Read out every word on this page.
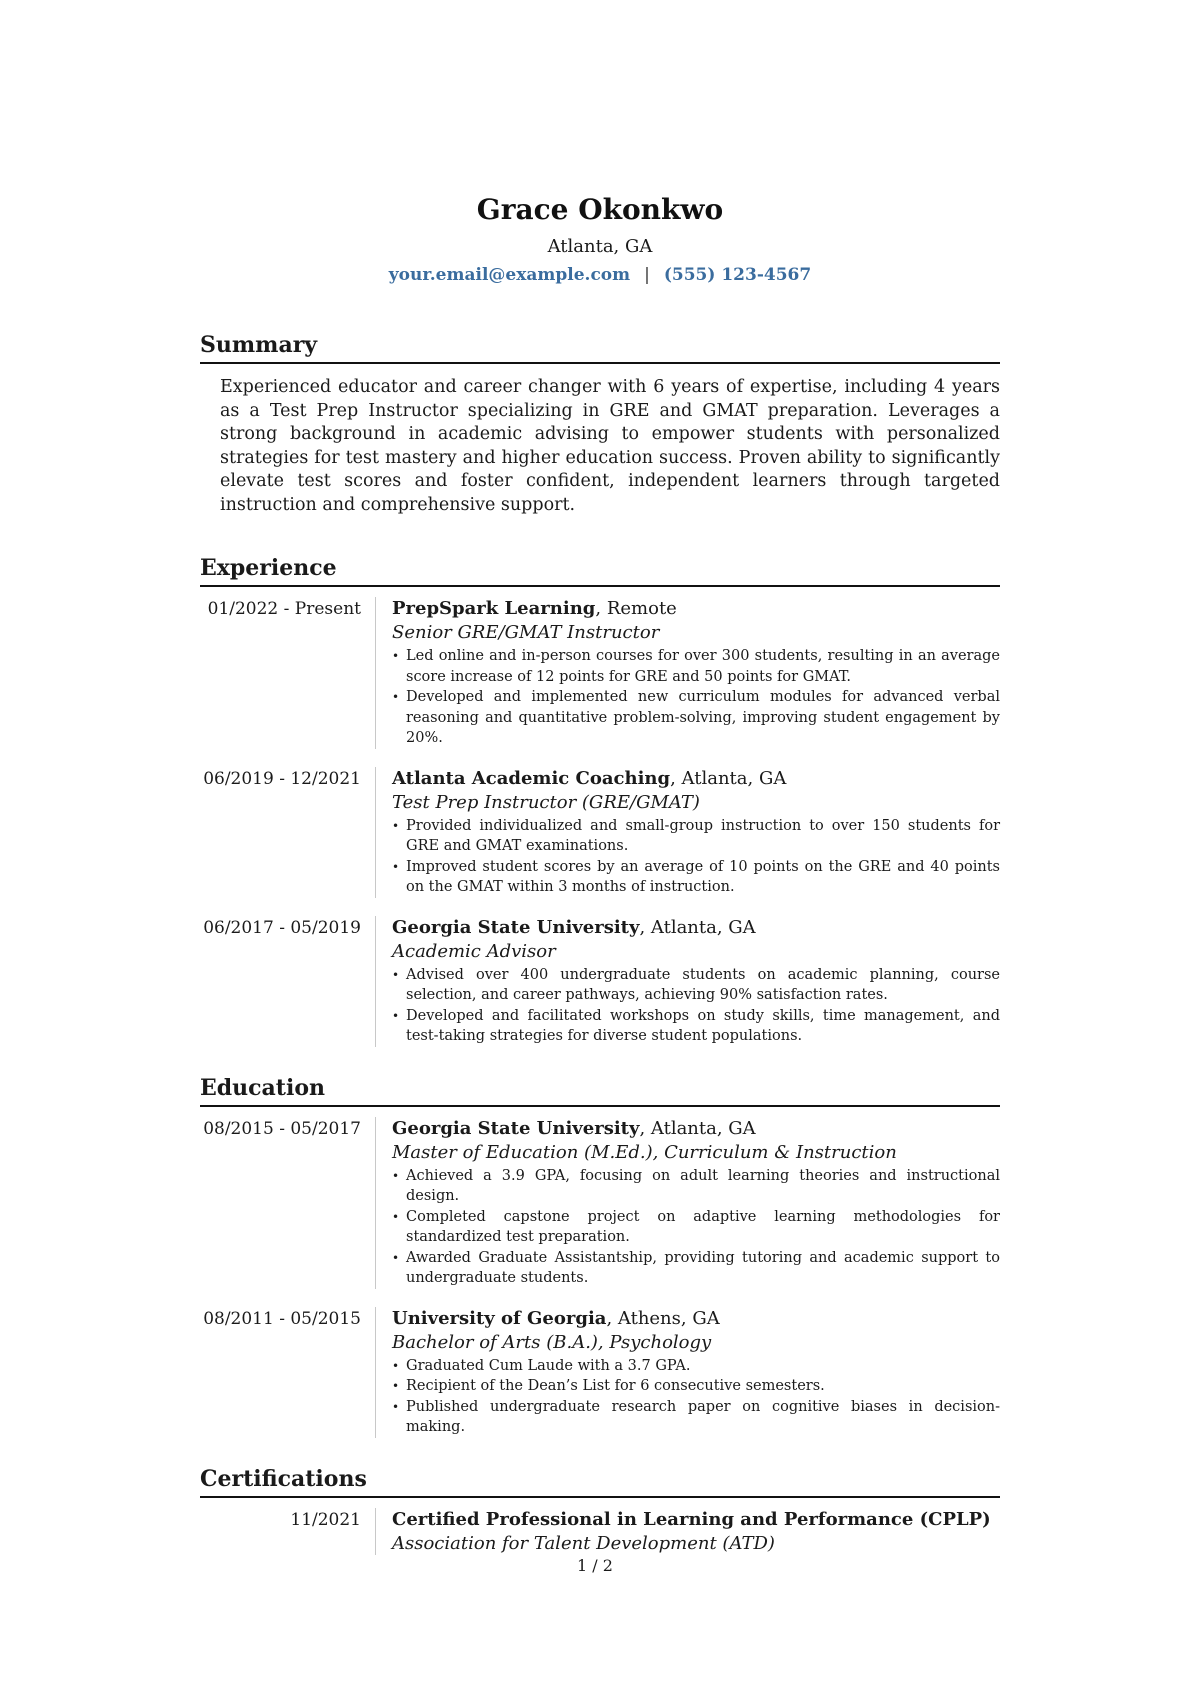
Grace Okonkwo
Atlanta, GA
your.email@example.com | (555) 123-4567
Summary

Experienced educator and career changer with 6 years of expertise, including 4 years as a Test Prep Instructor specializing in GRE and GMAT preparation. Leverages a strong background in academic advising to empower students with personalized strategies for test mastery and higher education success. Proven ability to significantly elevate test scores and foster confident, independent learners through targeted instruction and comprehensive support.

Experience
01/2022 - Present	PrepSpark Learning, Remote
Senior GRE/GMAT Instructor
• Led online and in-person courses for over 300 students, resulting in an average score increase of 12 points for GRE and 50 points for GMAT.
• Developed and implemented new curriculum modules for advanced verbal reasoning and quantitative problem-solving, improving student engagement by 20%.
06/2019 - 12/2021	Atlanta Academic Coaching, Atlanta, GA
Test Prep Instructor (GRE/GMAT)
• Provided individualized and small-group instruction to over 150 students for GRE and GMAT examinations.
• Improved student scores by an average of 10 points on the GRE and 40 points on the GMAT within 3 months of instruction.
06/2017 - 05/2019	Georgia State University, Atlanta, GA
Academic Advisor
• Advised over 400 undergraduate students on academic planning, course selection, and career pathways, achieving 90% satisfaction rates.
• Developed and facilitated workshops on study skills, time management, and test-taking strategies for diverse student populations.
Education
08/2015 - 05/2017	Georgia State University, Atlanta, GA
Master of Education (M.Ed.), Curriculum & Instruction
• Achieved a 3.9 GPA, focusing on adult learning theories and instructional design.
• Completed capstone project on adaptive learning methodologies for standardized test preparation.
• Awarded Graduate Assistantship, providing tutoring and academic support to undergraduate students.
08/2011 - 05/2015	University of Georgia, Athens, GA
Bachelor of Arts (B.A.), Psychology
• Graduated Cum Laude with a 3.7 GPA.
• Recipient of the Dean’s List for 6 consecutive semesters.
• Published undergraduate research paper on cognitive biases in decision-making.
Certifications
11/2021	Certified Professional in Learning and Performance (CPLP)
Association for Talent Development (ATD)
1 / 2
